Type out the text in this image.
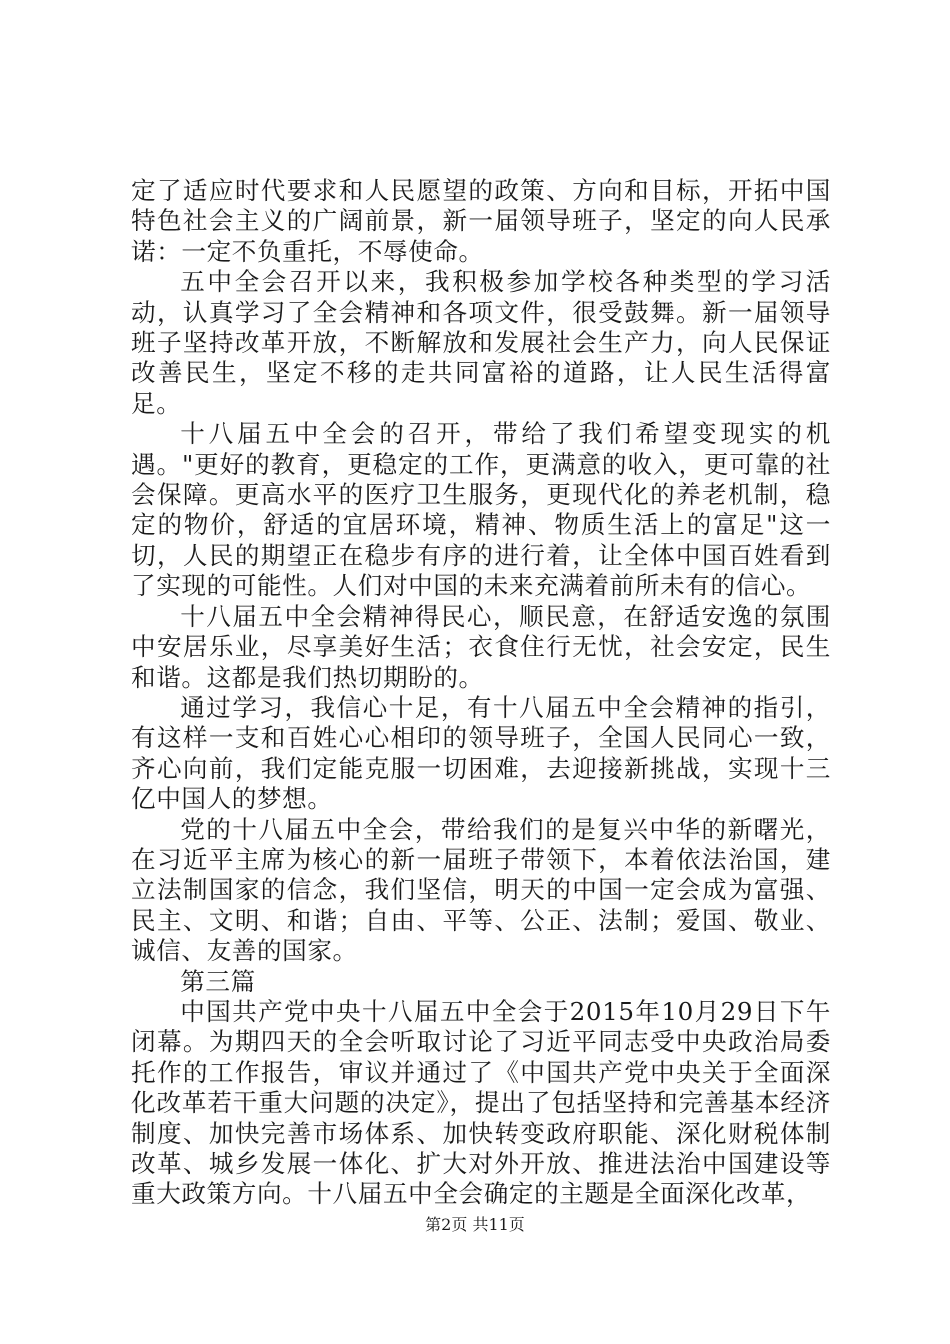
定了适应时代要求和人民愿望的政策、方向和目标，开拓中国特色社会主义的广阔前景，新一届领导班子，坚定的向人民承诺：一定不负重托，不辱使命。

五中全会召开以来，我积极参加学校各种类型的学习活动，认真学习了全会精神和各项文件，很受鼓舞。新一届领导班子坚持改革开放，不断解放和发展社会生产力，向人民保证改善民生，坚定不移的走共同富裕的道路，让人民生活得富足。

十八届五中全会的召开，带给了我们希望变现实的机遇。"更好的教育，更稳定的工作，更满意的收入，更可靠的社会保障。更高水平的医疗卫生服务，更现代化的养老机制，稳定的物价，舒适的宜居环境，精神、物质生活上的富足"这一切，人民的期望正在稳步有序的进行着，让全体中国百姓看到了实现的可能性。人们对中国的未来充满着前所未有的信心。

十八届五中全会精神得民心，顺民意，在舒适安逸的氛围中安居乐业，尽享美好生活；衣食住行无忧，社会安定，民生和谐。这都是我们热切期盼的。

通过学习，我信心十足，有十八届五中全会精神的指引，有这样一支和百姓心心相印的领导班子，全国人民同心一致，齐心向前，我们定能克服一切困难，去迎接新挑战，实现十三亿中国人的梦想。

党的十八届五中全会，带给我们的是复兴中华的新曙光，在习近平主席为核心的新一届班子带领下，本着依法治国，建立法制国家的信念，我们坚信，明天的中国一定会成为富强、民主、文明、和谐；自由、平等、公正、法制；爱国、敬业、诚信、友善的国家。

第三篇

中国共产党中央十八届五中全会于2015年10月29日下午闭幕。为期四天的全会听取讨论了习近平同志受中央政治局委托作的工作报告，审议并通过了《中国共产党中央关于全面深化改革若干重大问题的决定》，提出了包括坚持和完善基本经济制度、加快完善市场体系、加快转变政府职能、深化财税体制改革、城乡发展一体化、扩大对外开放、推进法治中国建设等重大政策方向。十八届五中全会确定的主题是全面深化改革，

第2页 共11页
